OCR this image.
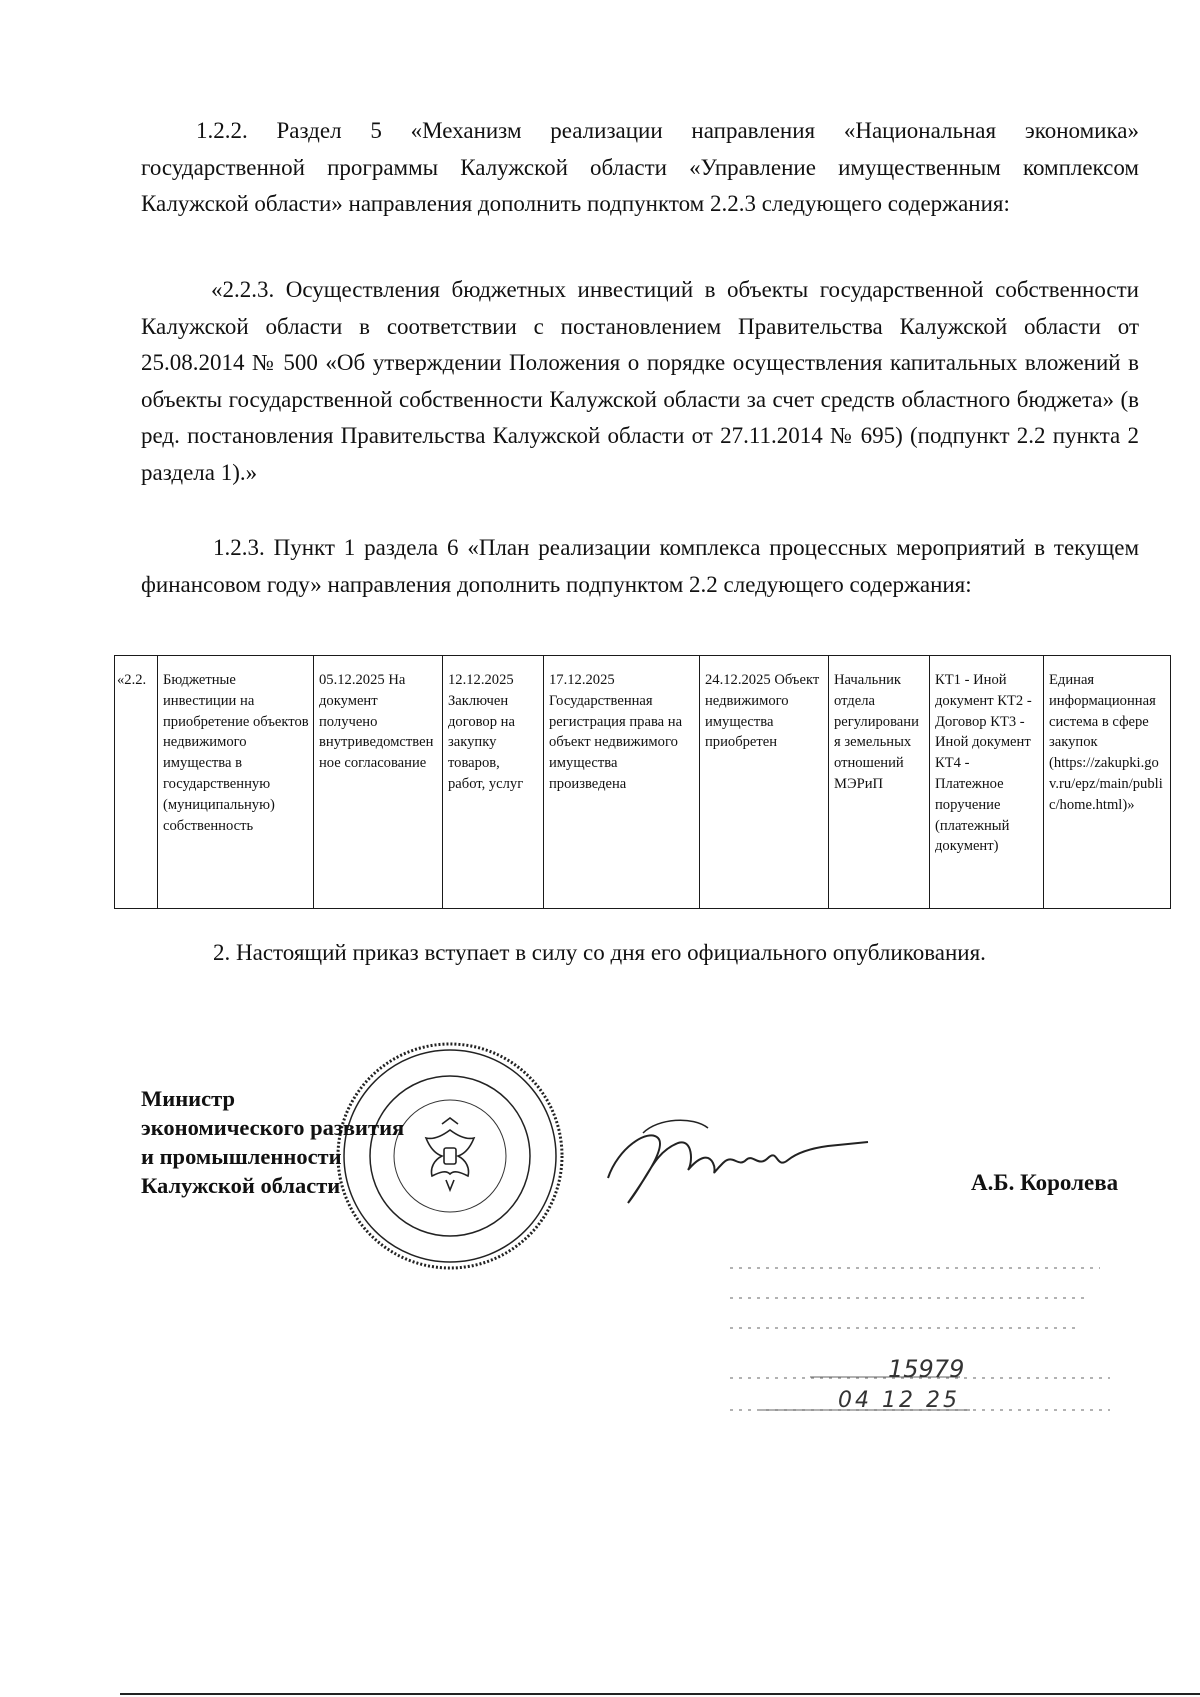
1.2.2. Раздел 5 «Механизм реализации направления «Национальная экономика» государственной программы Калужской области «Управление имущественным комплексом Калужской области» направления дополнить подпунктом 2.2.3 следующего содержания:

«2.2.3. Осуществления бюджетных инвестиций в объекты государственной собственности Калужской области в соответствии с постановлением Правительства Калужской области от 25.08.2014 № 500 «Об утверждении Положения о порядке осуществления капитальных вложений в объекты государственной собственности Калужской области за счет средств областного бюджета» (в ред. постановления Правительства Калужской области от 27.11.2014 № 695) (подпункт 2.2 пункта 2 раздела 1).»

1.2.3. Пункт 1 раздела 6 «План реализации комплекса процессных мероприятий в текущем финансовом году» направления дополнить подпунктом 2.2 следующего содержания:

«2.2.	Бюджетные инвестиции на приобретение объектов недвижимого имущества в государственную (муниципальную) собственность	05.12.2025 На документ получено внутриведомственное согласование	12.12.2025 Заключен договор на закупку товаров, работ, услуг	17.12.2025 Государственная регистрация права на объект недвижимого имущества произведена	24.12.2025 Объект недвижимого имущества приобретен	Начальник отдела регулирования земельных отношений МЭРиП	КТ1 - Иной документ КТ2 - Договор КТ3 - Иной документ КТ4 - Платежное поручение (платежный документ)	Единая информационная система в сфере закупок (https://zakupki.gov.ru/epz/main/public/home.html)»

2. Настоящий приказ вступает в силу со дня его официального опубликования.

Министр
экономического развития
и промышленности
Калужской области	А.Б. Королева
15979
04 12 25
